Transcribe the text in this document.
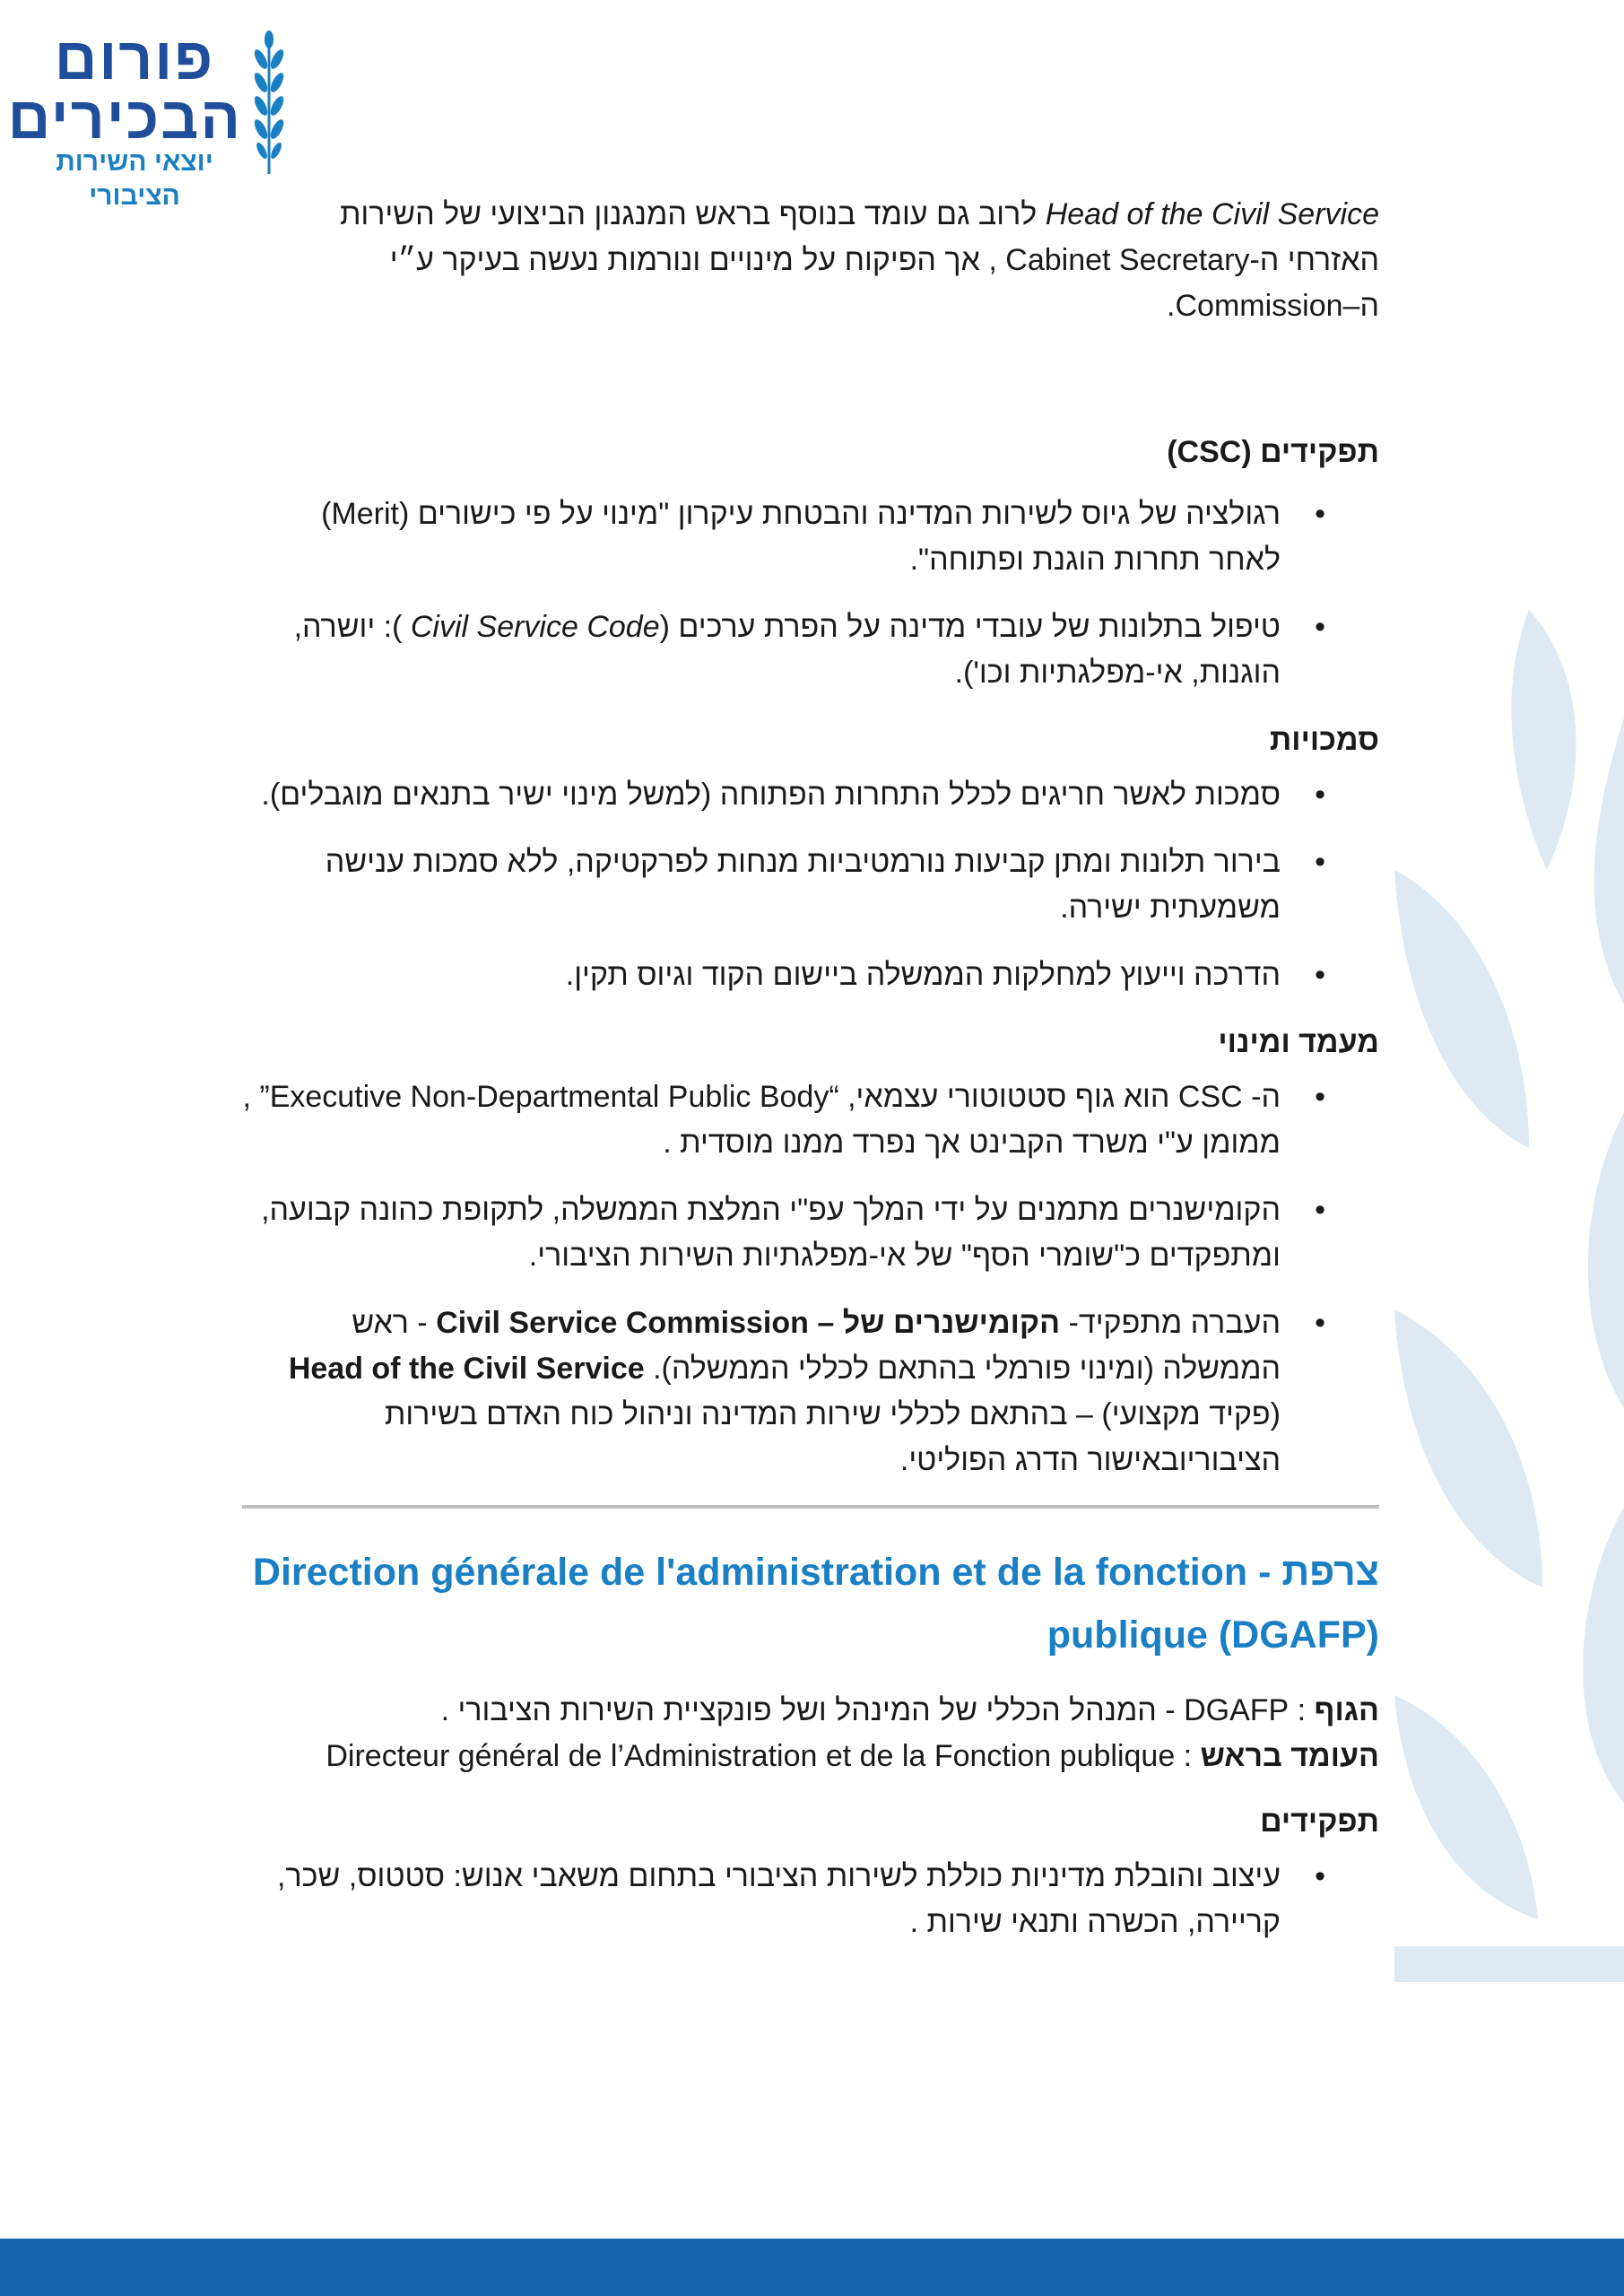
פורום
הבכירים
יוצאי השירות הציבורי

Head of the Civil Service לרוב גם עומד בנוסף בראש המנגנון הביצועי של השירות האזרחי ה-Cabinet Secretary , אך הפיקוח על מינויים ונורמות נעשה בעיקר ע״י ה–Commission.

תפקידים (CSC)
• רגולציה של גיוס לשירות המדינה והבטחת עיקרון "מינוי על פי כישורים (Merit) לאחר תחרות הוגנת ופתוחה".
• טיפול בתלונות של עובדי מדינה על הפרת ערכים (Civil Service Code ): יושרה, הוגנות, אי-מפלגתיות וכו').
סמכויות
• סמכות לאשר חריגים לכלל התחרות הפתוחה (למשל מינוי ישיר בתנאים מוגבלים).
• בירור תלונות ומתן קביעות נורמטיביות מנחות לפרקטיקה, ללא סמכות ענישה משמעתית ישירה.
• הדרכה וייעוץ למחלקות הממשלה ביישום הקוד וגיוס תקין.
מעמד ומינוי
• ה- CSC הוא גוף סטטוטורי עצמאי, “Executive Non-Departmental Public Body” , ממומן ע"י משרד הקבינט אך נפרד ממנו מוסדית .
• הקומישנרים מתמנים על ידי המלך עפ"י המלצת הממשלה, לתקופת כהונה קבועה, ומתפקדים כ"שומרי הסף" של אי-מפלגתיות השירות הציבורי.
• העברה מתפקיד- הקומישנרים של – Civil Service Commission - ראש הממשלה (ומינוי פורמלי בהתאם לכללי הממשלה). Head of the Civil Service (פקיד מקצועי) – בהתאם לכללי שירות המדינה וניהול כוח האדם בשירות הציבוריובאישור הדרג הפוליטי.
צרפת - Direction générale de l'administration et de la fonction publique (DGAFP)

הגוף : DGAFP - המנהל הכללי של המינהל ושל פונקציית השירות הציבורי .

העומד בראש : Directeur général de l’Administration et de la Fonction publique

תפקידים
• עיצוב והובלת מדיניות כוללת לשירות הציבורי בתחום משאבי אנוש: סטטוס, שכר, קריירה, הכשרה ותנאי שירות .
